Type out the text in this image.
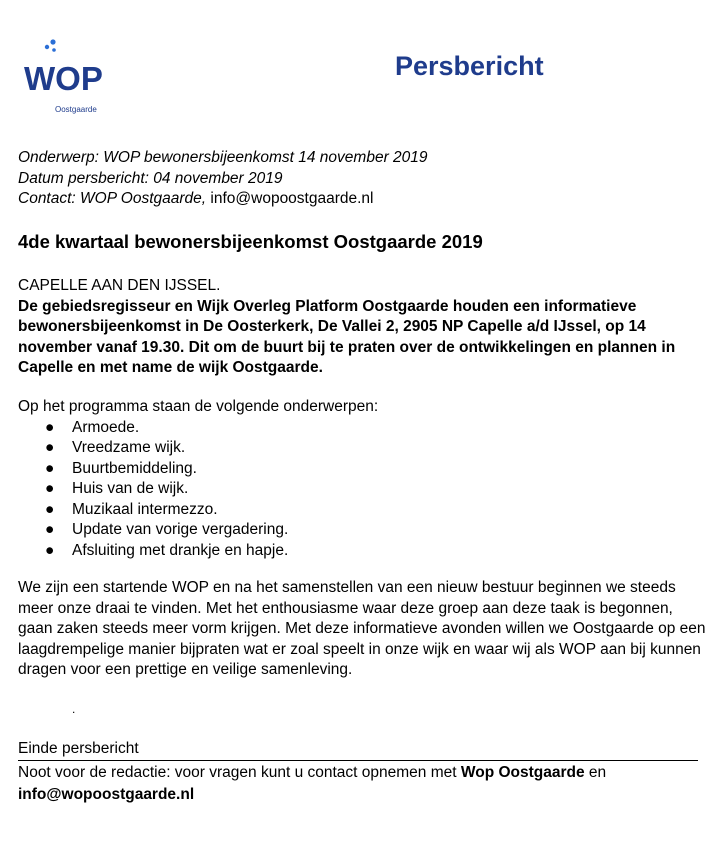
WOP
Oostgaarde
Persbericht
Onderwerp: WOP bewonersbijeenkomst 14 november 2019
Datum persbericht: 04 november 2019
Contact: WOP Oostgaarde, info@wopoostgaarde.nl
4de kwartaal bewonersbijeenkomst Oostgaarde 2019
CAPELLE AAN DEN IJSSEL.
De gebiedsregisseur en Wijk Overleg Platform Oostgaarde houden een informatieve bewonersbijeenkomst in De Oosterkerk, De Vallei 2, 2905 NP Capelle a/d IJssel, op 14 november vanaf 19.30. Dit om de buurt bij te praten over de ontwikkelingen en plannen in Capelle en met name de wijk Oostgaarde.
Op het programma staan de volgende onderwerpen:
● Armoede.
● Vreedzame wijk.
● Buurtbemiddeling.
● Huis van de wijk.
● Muzikaal intermezzo.
● Update van vorige vergadering.
● Afsluiting met drankje en hapje.
We zijn een startende WOP en na het samenstellen van een nieuw bestuur beginnen we steeds meer onze draai te vinden. Met het enthousiasme waar deze groep aan deze taak is begonnen, gaan zaken steeds meer vorm krijgen. Met deze informatieve avonden willen we Oostgaarde op een laagdrempelige manier bijpraten wat er zoal speelt in onze wijk en waar wij als WOP aan bij kunnen dragen voor een prettige en veilige samenleving.
.
Einde persbericht
Noot voor de redactie: voor vragen kunt u contact opnemen met Wop Oostgaarde en
info@wopoostgaarde.nl
